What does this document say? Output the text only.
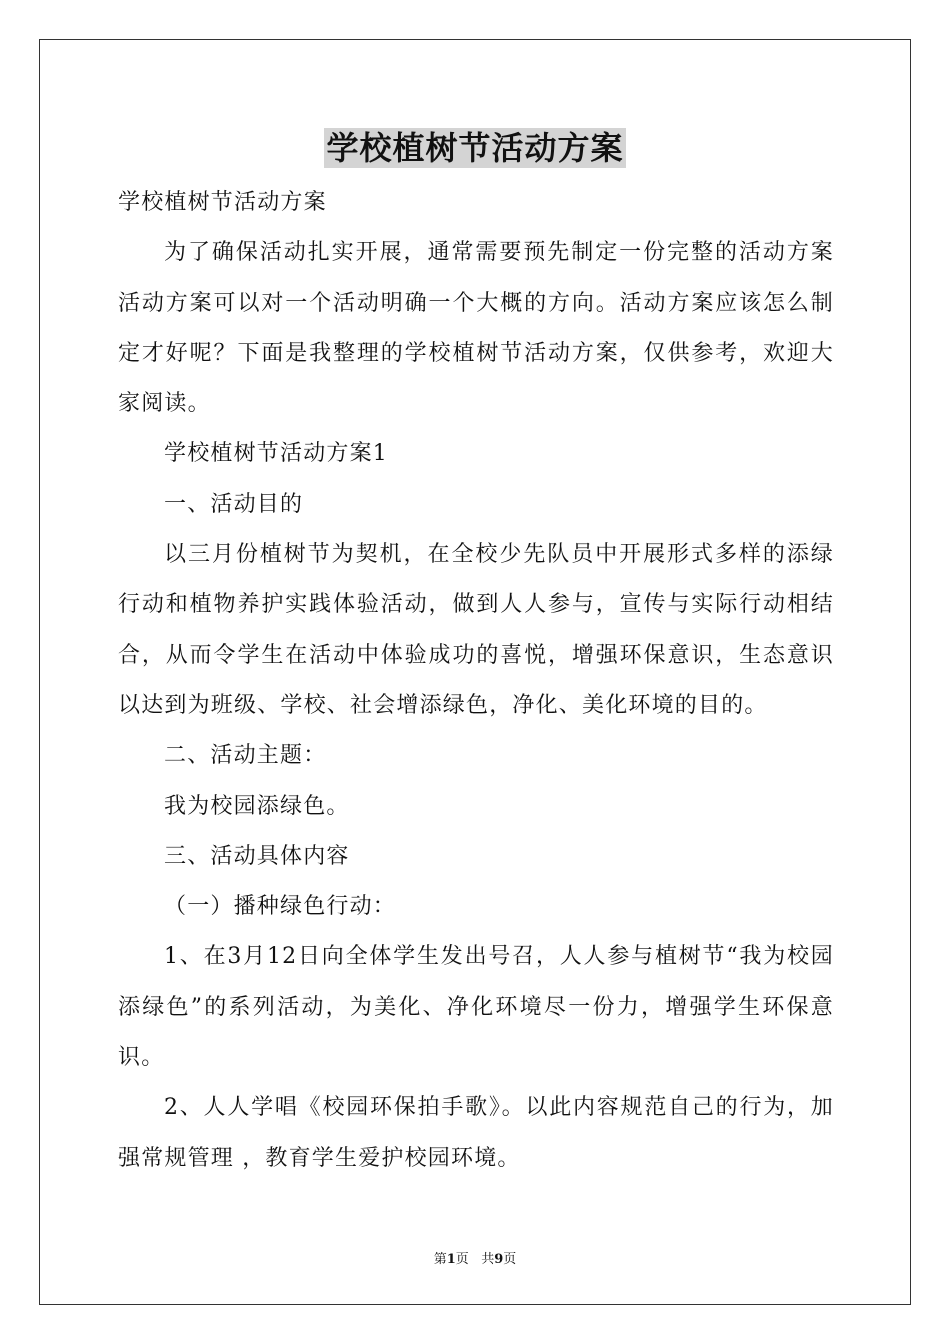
学校植树节活动方案

学校植树节活动方案

为了确保活动扎实开展，通常需要预先制定一份完整的活动方案活动方案可以对一个活动明确一个大概的方向。活动方案应该怎么制定才好呢？下面是我整理的学校植树节活动方案，仅供参考，欢迎大家阅读。

学校植树节活动方案1

一、活动目的

以三月份植树节为契机，在全校少先队员中开展形式多样的添绿行动和植物养护实践体验活动，做到人人参与，宣传与实际行动相结合，从而令学生在活动中体验成功的喜悦，增强环保意识，生态意识以达到为班级、学校、社会增添绿色，净化、美化环境的目的。

二、活动主题：

我为校园添绿色。

三、活动具体内容

（一）播种绿色行动：

1、在3月12日向全体学生发出号召，人人参与植树节“我为校园添绿色”的系列活动，为美化、净化环境尽一份力，增强学生环保意识。

2、人人学唱《校园环保拍手歌》。以此内容规范自己的行为，加强常规管理 ，教育学生爱护校园环境。

第1页 共9页
